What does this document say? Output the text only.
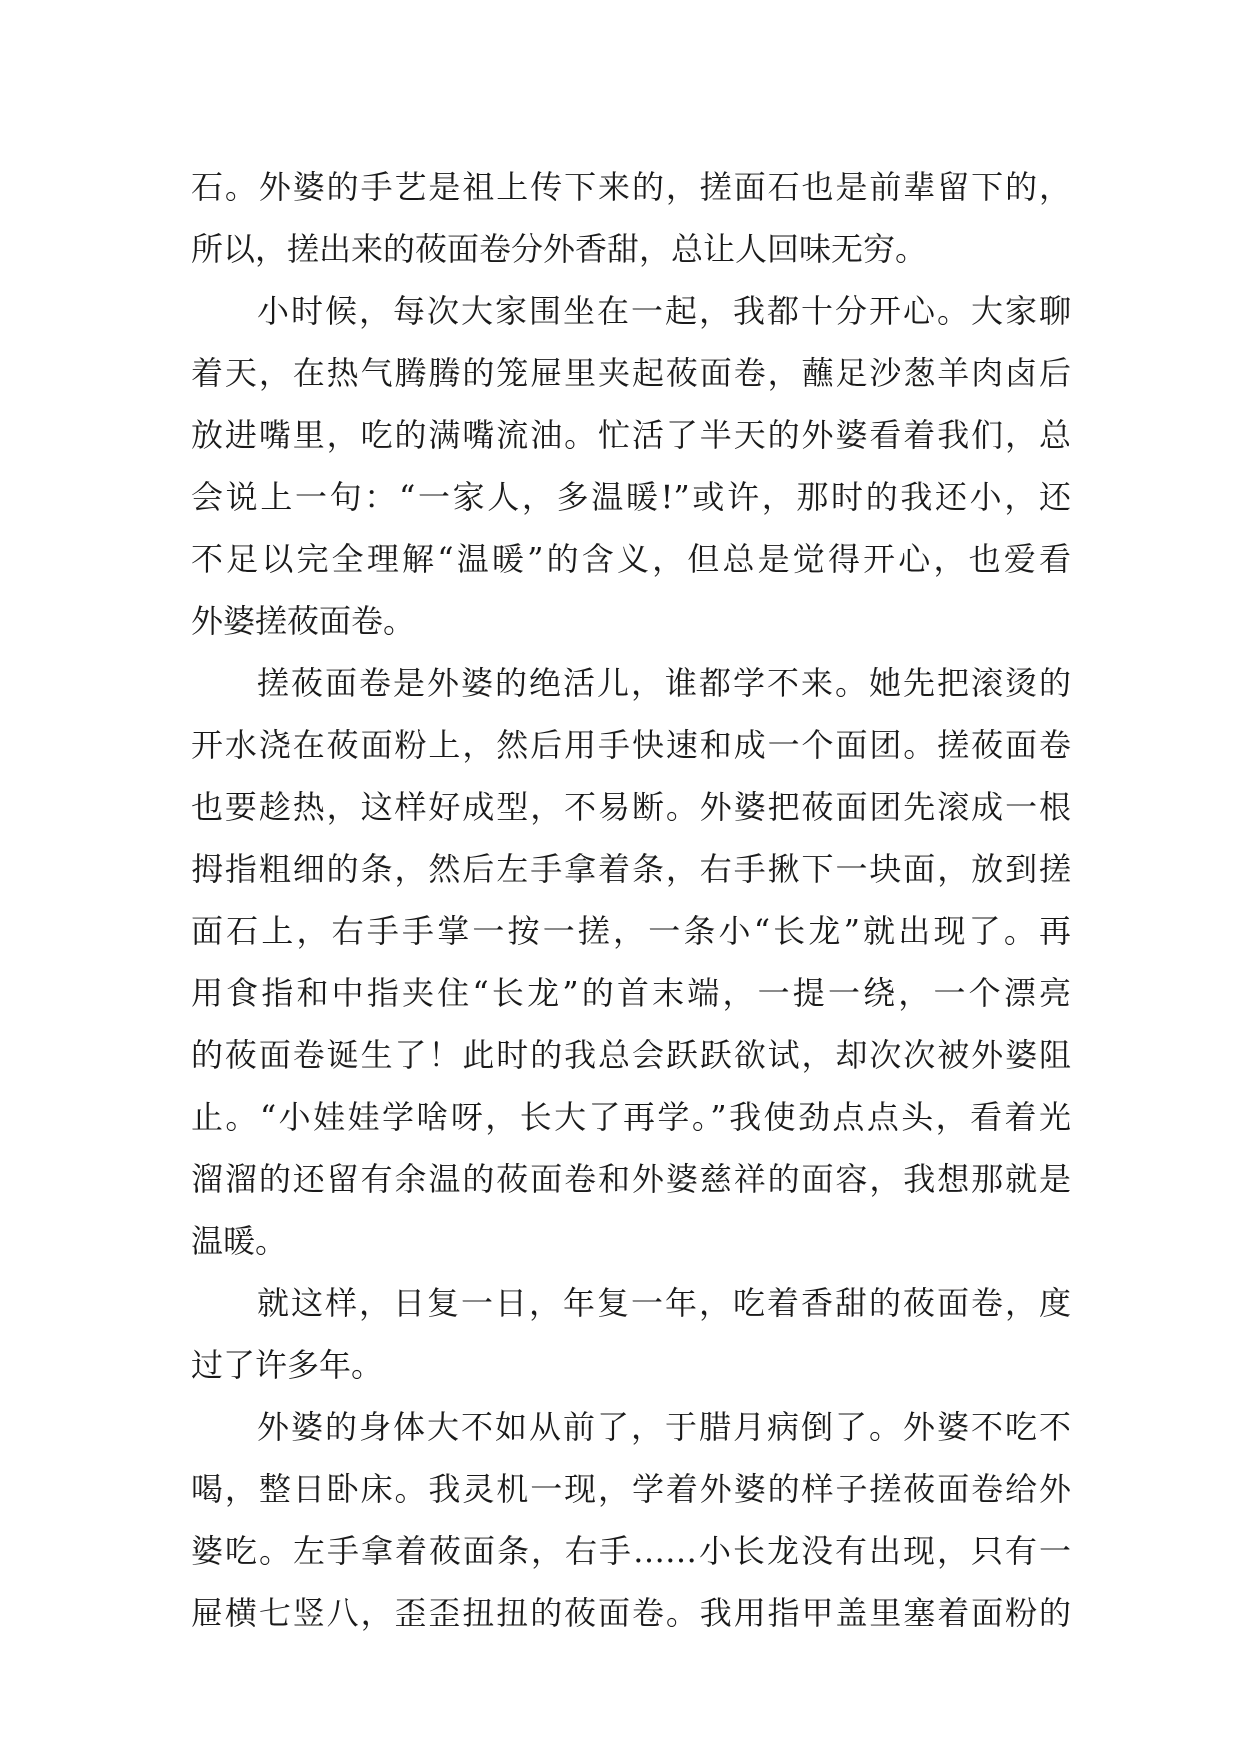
石。外婆的手艺是祖上传下来的，搓面石也是前辈留下的，
所以，搓出来的莜面卷分外香甜，总让人回味无穷。
小时候，每次大家围坐在一起，我都十分开心。大家聊
着天，在热气腾腾的笼屉里夹起莜面卷，蘸足沙葱羊肉卤后
放进嘴里，吃的满嘴流油。忙活了半天的外婆看着我们，总
会说上一句：“一家人，多温暖!”或许，那时的我还小，还
不足以完全理解“温暖”的含义，但总是觉得开心，也爱看
外婆搓莜面卷。
搓莜面卷是外婆的绝活儿，谁都学不来。她先把滚烫的
开水浇在莜面粉上，然后用手快速和成一个面团。搓莜面卷
也要趁热，这样好成型，不易断。外婆把莜面团先滚成一根
拇指粗细的条，然后左手拿着条，右手揪下一块面，放到搓
面石上，右手手掌一按一搓，一条小“长龙”就出现了。再
用食指和中指夹住“长龙”的首末端，一提一绕，一个漂亮
的莜面卷诞生了！此时的我总会跃跃欲试，却次次被外婆阻
止。“小娃娃学啥呀，长大了再学。”我使劲点点头，看着光
溜溜的还留有余温的莜面卷和外婆慈祥的面容，我想那就是
温暖。
就这样，日复一日，年复一年，吃着香甜的莜面卷，度
过了许多年。
外婆的身体大不如从前了，于腊月病倒了。外婆不吃不
喝，整日卧床。我灵机一现，学着外婆的样子搓莜面卷给外
婆吃。左手拿着莜面条，右手……小长龙没有出现，只有一
屉横七竖八，歪歪扭扭的莜面卷。我用指甲盖里塞着面粉的
